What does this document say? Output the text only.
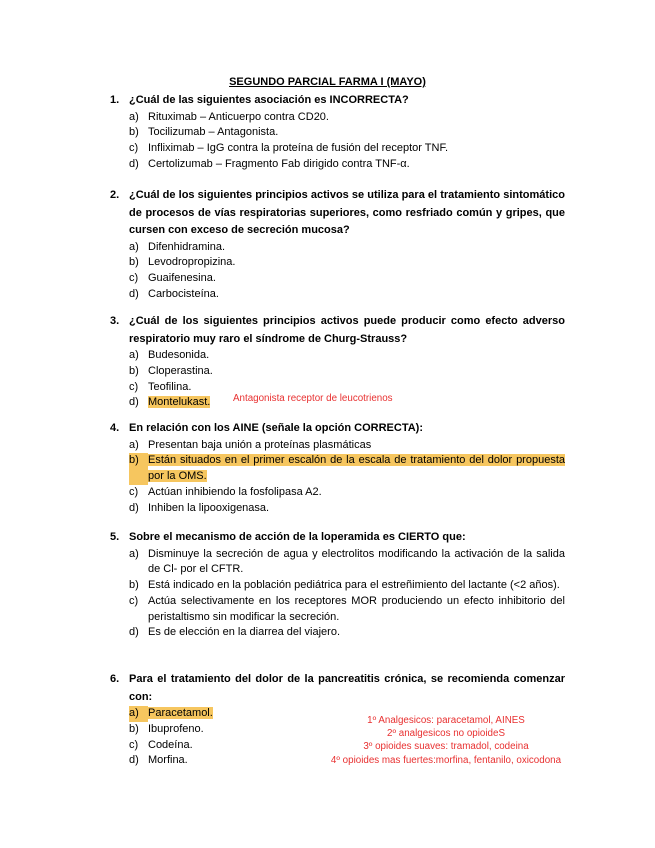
SEGUNDO PARCIAL FARMA I (MAYO)
1. ¿Cuál de las siguientes asociación es INCORRECTA?
a) Rituximab – Anticuerpo contra CD20.
b) Tocilizumab – Antagonista.
c) Infliximab – IgG contra la proteína de fusión del receptor TNF.
d) Certolizumab – Fragmento Fab dirigido contra TNF-α.
2. ¿Cuál de los siguientes principios activos se utiliza para el tratamiento sintomático de procesos de vías respiratorias superiores, como resfriado común y gripes, que cursen con exceso de secreción mucosa?
a) Difenhidramina.
b) Levodropropizina.
c) Guaifenesina.
d) Carbocisteína.
3. ¿Cuál de los siguientes principios activos puede producir como efecto adverso respiratorio muy raro el síndrome de Churg-Strauss?
a) Budesonida.
b) Cloperastina.
c) Teofilina.
d) Montelukast.	Antagonista receptor de leucotrienos
4. En relación con los AINE (señale la opción CORRECTA):
a) Presentan baja unión a proteínas plasmáticas
b) Están situados en el primer escalón de la escala de tratamiento del dolor propuesta por la OMS.
c) Actúan inhibiendo la fosfolipasa A2.
d) Inhiben la lipooxigenasa.
5. Sobre el mecanismo de acción de la loperamida es CIERTO que:
a) Disminuye la secreción de agua y electrolitos modificando la activación de la salida de Cl- por el CFTR.
b) Está indicado en la población pediátrica para el estreñimiento del lactante (<2 años).
c) Actúa selectivamente en los receptores MOR produciendo un efecto inhibitorio del peristaltismo sin modificar la secreción.
d) Es de elección en la diarrea del viajero.
6. Para el tratamiento del dolor de la pancreatitis crónica, se recomienda comenzar con:
a) Paracetamol.
b) Ibuprofeno.
c) Codeína.
d) Morfina.
1º Analgesicos: paracetamol, AINES
2º analgesicos no opioideS
3º opioides suaves: tramadol, codeina
4º opioides mas fuertes:morfina, fentanilo, oxicodona
